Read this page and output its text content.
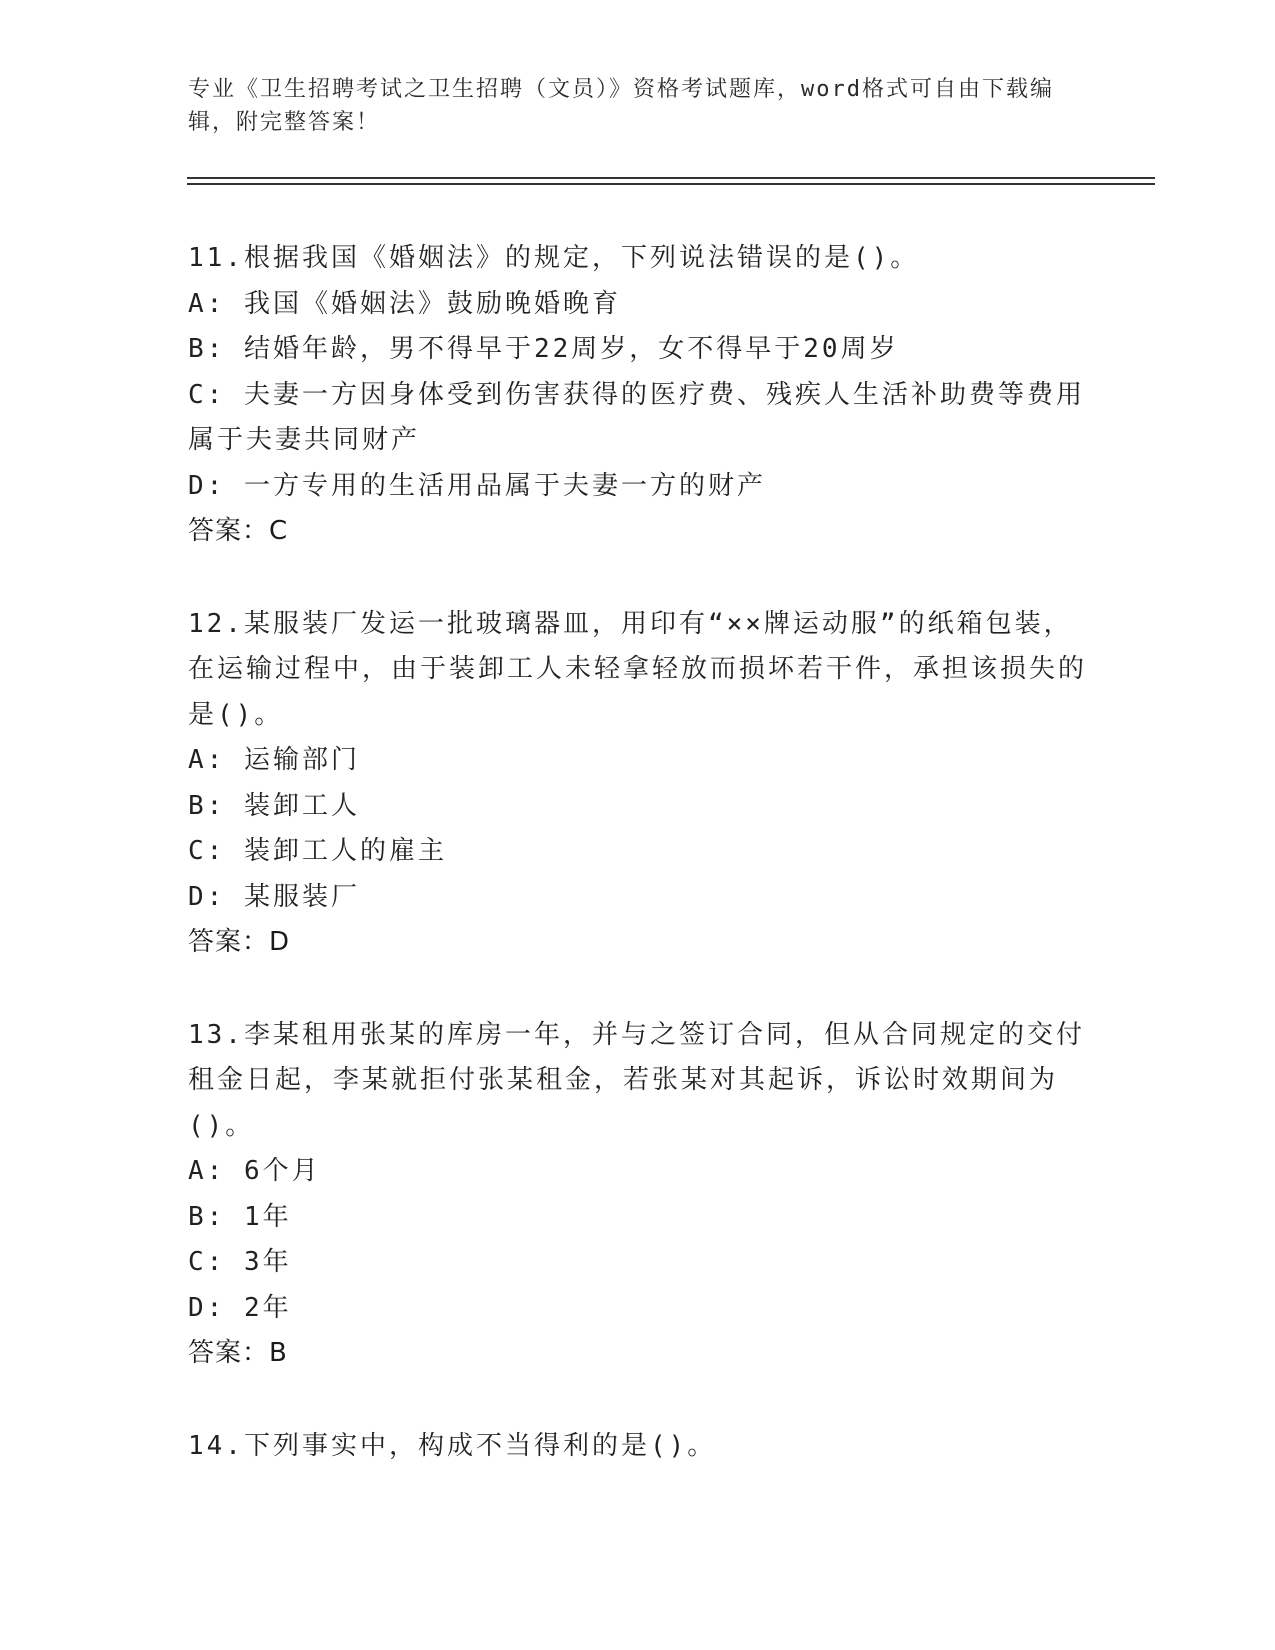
专业《卫生招聘考试之卫生招聘（文员）》资格考试题库，word格式可自由下载编辑，附完整答案！

11.根据我国《婚姻法》的规定，下列说法错误的是()。

A: 我国《婚姻法》鼓励晚婚晚育

B: 结婚年龄，男不得早于22周岁，女不得早于20周岁

C: 夫妻一方因身体受到伤害获得的医疗费、残疾人生活补助费等费用属于夫妻共同财产

D: 一方专用的生活用品属于夫妻一方的财产

答案：C

12.某服装厂发运一批玻璃器皿，用印有“××牌运动服”的纸箱包装，在运输过程中，由于装卸工人未轻拿轻放而损坏若干件，承担该损失的是()。

A: 运输部门

B: 装卸工人

C: 装卸工人的雇主

D: 某服装厂

答案：D

13.李某租用张某的库房一年，并与之签订合同，但从合同规定的交付租金日起，李某就拒付张某租金，若张某对其起诉，诉讼时效期间为()。

A: 6个月

B: 1年

C: 3年

D: 2年

答案：B

14.下列事实中，构成不当得利的是()。
